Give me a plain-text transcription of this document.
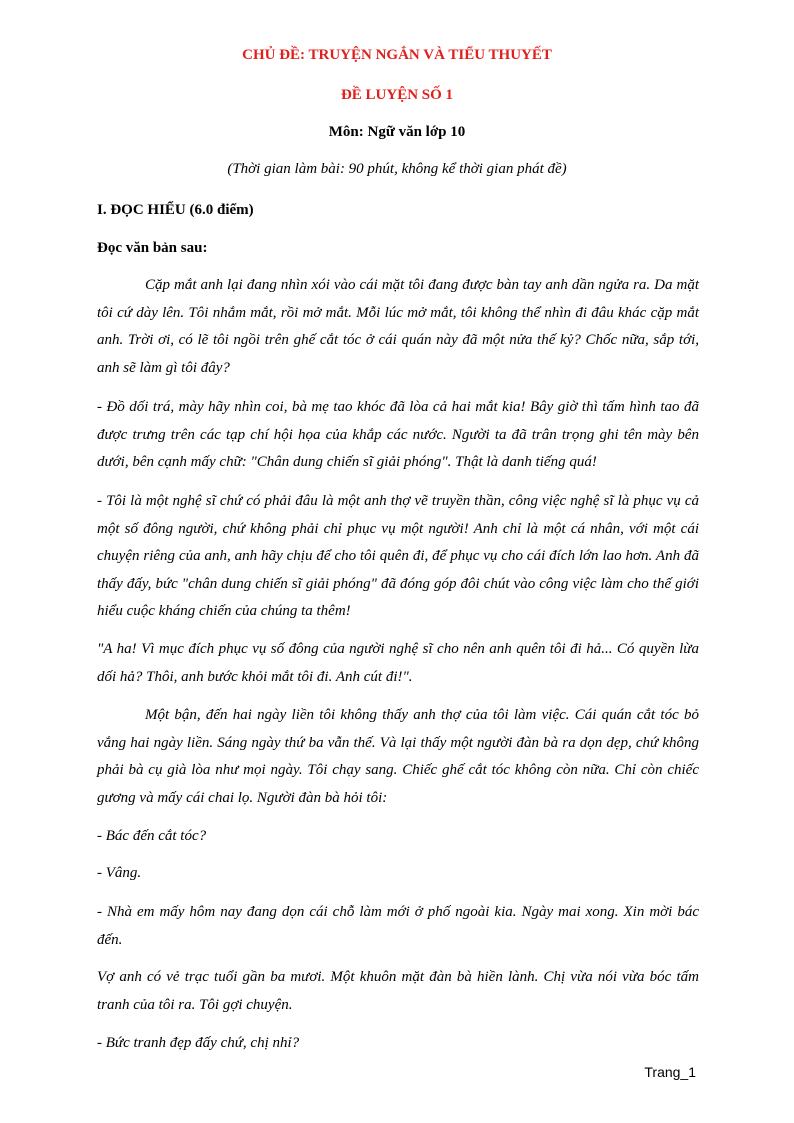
CHỦ ĐỀ: TRUYỆN NGẮN VÀ TIỂU THUYẾT
ĐỀ LUYỆN SỐ 1
Môn: Ngữ văn lớp 10
(Thời gian làm bài: 90 phút, không kể thời gian phát đề)
I. ĐỌC HIỂU (6.0 điểm)
Đọc văn bản sau:

Cặp mắt anh lại đang nhìn xói vào cái mặt tôi đang được bàn tay anh dần ngửa ra. Da mặt tôi cứ dày lên. Tôi nhắm mắt, rồi mở mắt. Mỗi lúc mở mắt, tôi không thể nhìn đi đâu khác cặp mắt anh. Trời ơi, có lẽ tôi ngồi trên ghế cắt tóc ở cái quán này đã một nửa thế kỷ? Chốc nữa, sắp tới, anh sẽ làm gì tôi đây?

- Đồ dối trá, mày hãy nhìn coi, bà mẹ tao khóc đã lòa cả hai mắt kia! Bây giờ thì tấm hình tao đã được trưng trên các tạp chí hội họa của khắp các nước. Người ta đã trân trọng ghi tên mày bên dưới, bên cạnh mấy chữ: "Chân dung chiến sĩ giải phóng". Thật là danh tiếng quá!

- Tôi là một nghệ sĩ chứ có phải đâu là một anh thợ vẽ truyền thần, công việc nghệ sĩ là phục vụ cả một số đông người, chứ không phải chỉ phục vụ một người! Anh chỉ là một cá nhân, với một cái chuyện riêng của anh, anh hãy chịu để cho tôi quên đi, để phục vụ cho cái đích lớn lao hơn. Anh đã thấy đấy, bức "chân dung chiến sĩ giải phóng" đã đóng góp đôi chút vào công việc làm cho thế giới hiểu cuộc kháng chiến của chúng ta thêm!

"A ha! Vì mục đích phục vụ số đông của người nghệ sĩ cho nên anh quên tôi đi hả... Có quyền lừa dối hả? Thôi, anh bước khỏi mắt tôi đi. Anh cút đi!".

Một bận, đến hai ngày liền tôi không thấy anh thợ của tôi làm việc. Cái quán cắt tóc bỏ vắng hai ngày liền. Sáng ngày thứ ba vẫn thế. Và lại thấy một người đàn bà ra dọn dẹp, chứ không phải bà cụ già lòa như mọi ngày. Tôi chạy sang. Chiếc ghế cắt tóc không còn nữa. Chỉ còn chiếc gương và mấy cái chai lọ. Người đàn bà hỏi tôi:

- Bác đến cắt tóc?

- Vâng.

- Nhà em mấy hôm nay đang dọn cái chỗ làm mới ở phố ngoài kia. Ngày mai xong. Xin mời bác đến.

Vợ anh có vẻ trạc tuổi gần ba mươi. Một khuôn mặt đàn bà hiền lành. Chị vừa nói vừa bóc tấm tranh của tôi ra. Tôi gợi chuyện.

- Bức tranh đẹp đấy chứ, chị nhỉ?

Trang_1
